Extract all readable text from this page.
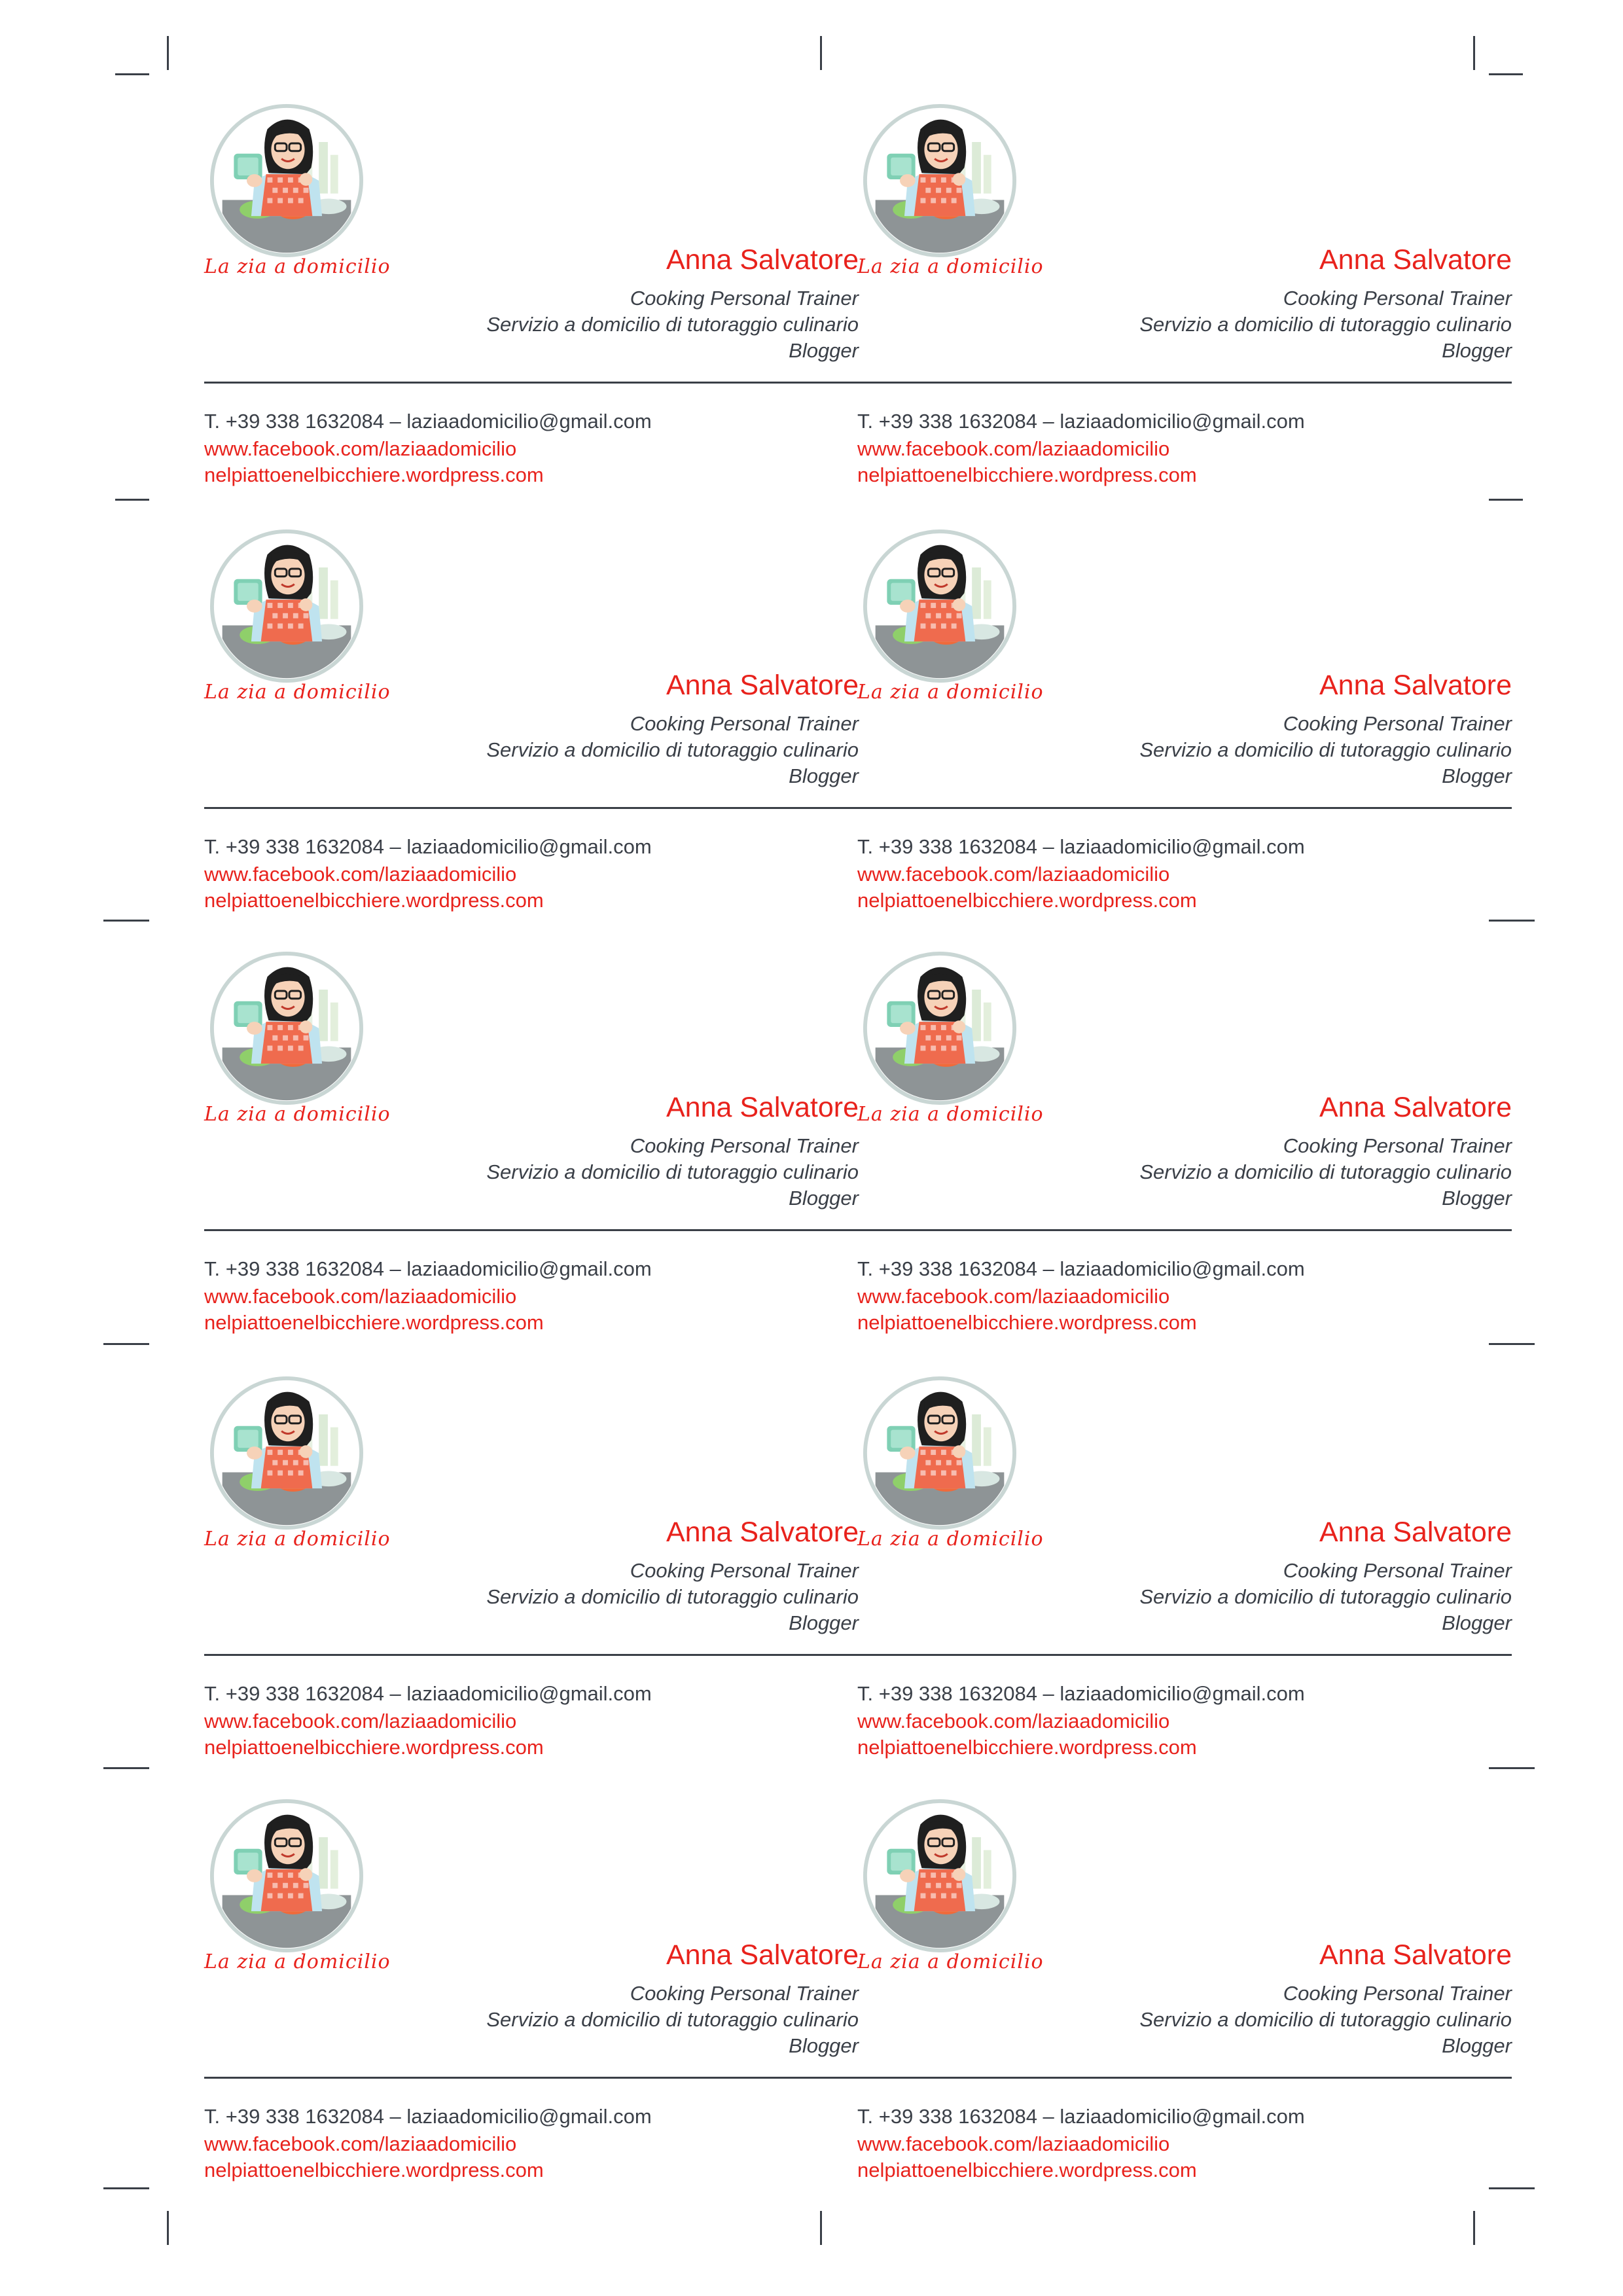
La zia a domicilio	Anna Salvatore
Cooking Personal Trainer
Servizio a domicilio di tutoraggio culinario
Blogger
T. +39 338 1632084 – laziaadomicilio@gmail.com
www.facebook.com/laziaadomicilio
nelpiattoenelbicchiere.wordpress.com
La zia a domicilio	Anna Salvatore
Cooking Personal Trainer
Servizio a domicilio di tutoraggio culinario
Blogger
T. +39 338 1632084 – laziaadomicilio@gmail.com
www.facebook.com/laziaadomicilio
nelpiattoenelbicchiere.wordpress.com
La zia a domicilio	Anna Salvatore
Cooking Personal Trainer
Servizio a domicilio di tutoraggio culinario
Blogger
T. +39 338 1632084 – laziaadomicilio@gmail.com
www.facebook.com/laziaadomicilio
nelpiattoenelbicchiere.wordpress.com
La zia a domicilio	Anna Salvatore
Cooking Personal Trainer
Servizio a domicilio di tutoraggio culinario
Blogger
T. +39 338 1632084 – laziaadomicilio@gmail.com
www.facebook.com/laziaadomicilio
nelpiattoenelbicchiere.wordpress.com
La zia a domicilio	Anna Salvatore
Cooking Personal Trainer
Servizio a domicilio di tutoraggio culinario
Blogger
T. +39 338 1632084 – laziaadomicilio@gmail.com
www.facebook.com/laziaadomicilio
nelpiattoenelbicchiere.wordpress.com
La zia a domicilio	Anna Salvatore
Cooking Personal Trainer
Servizio a domicilio di tutoraggio culinario
Blogger
T. +39 338 1632084 – laziaadomicilio@gmail.com
www.facebook.com/laziaadomicilio
nelpiattoenelbicchiere.wordpress.com
La zia a domicilio	Anna Salvatore
Cooking Personal Trainer
Servizio a domicilio di tutoraggio culinario
Blogger
T. +39 338 1632084 – laziaadomicilio@gmail.com
www.facebook.com/laziaadomicilio
nelpiattoenelbicchiere.wordpress.com
La zia a domicilio	Anna Salvatore
Cooking Personal Trainer
Servizio a domicilio di tutoraggio culinario
Blogger
T. +39 338 1632084 – laziaadomicilio@gmail.com
www.facebook.com/laziaadomicilio
nelpiattoenelbicchiere.wordpress.com
La zia a domicilio	Anna Salvatore
Cooking Personal Trainer
Servizio a domicilio di tutoraggio culinario
Blogger
T. +39 338 1632084 – laziaadomicilio@gmail.com
www.facebook.com/laziaadomicilio
nelpiattoenelbicchiere.wordpress.com
La zia a domicilio	Anna Salvatore
Cooking Personal Trainer
Servizio a domicilio di tutoraggio culinario
Blogger
T. +39 338 1632084 – laziaadomicilio@gmail.com
www.facebook.com/laziaadomicilio
nelpiattoenelbicchiere.wordpress.com
